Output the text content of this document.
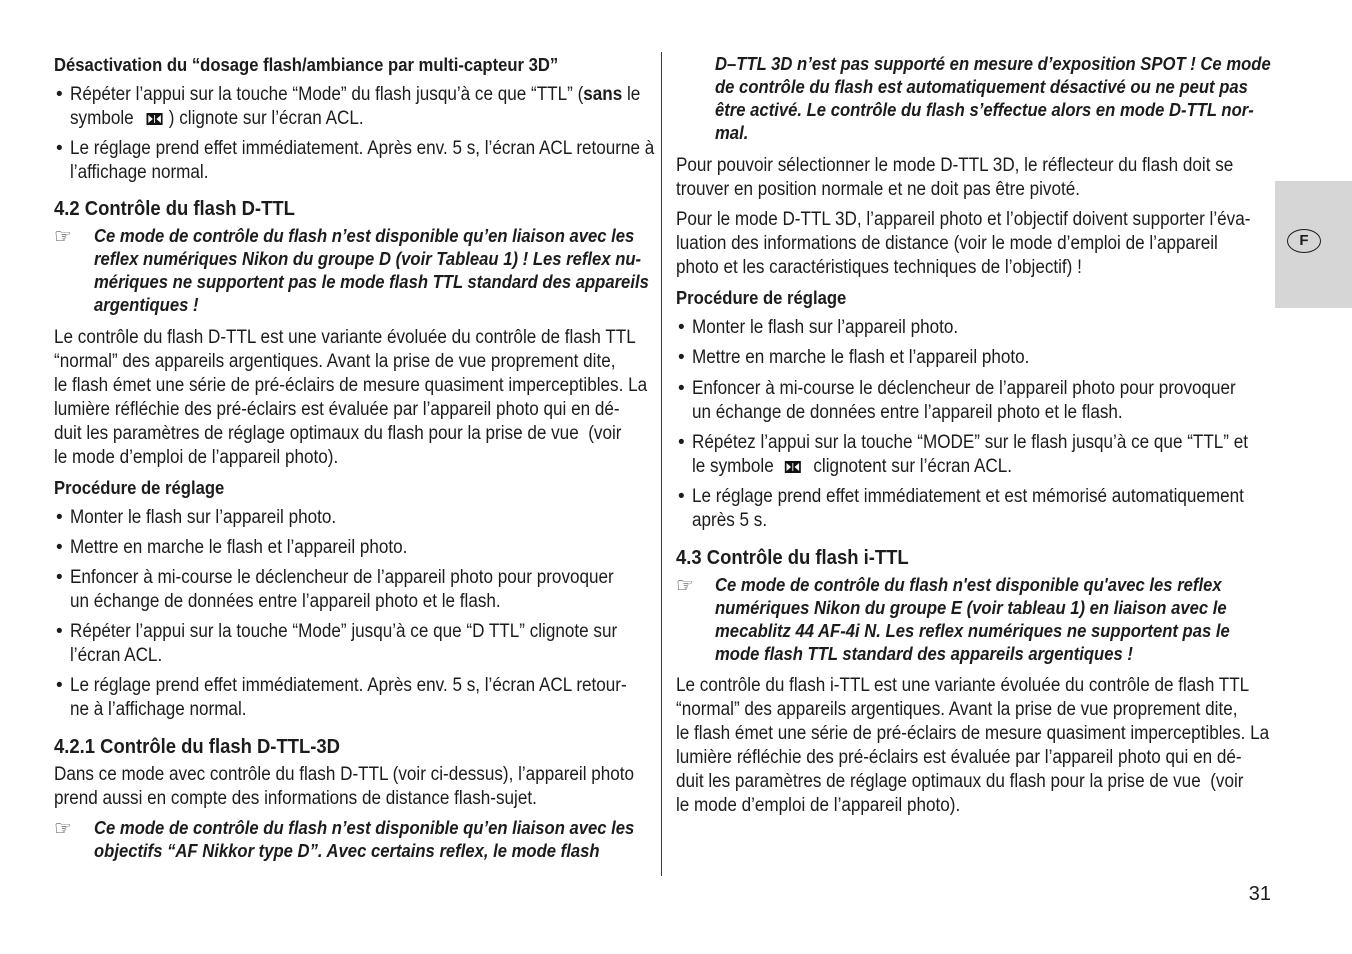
Désactivation du “dosage flash/ambiance par multi-capteur 3D”
• Répéter l’appui sur la touche “Mode” du flash jusqu’à ce que “TTL” (sans le
symbole ) clignote sur l’écran ACL.
• Le réglage prend effet immédiatement. Après env. 5 s, l’écran ACL retourne à
l’affichage normal.
4.2 Contrôle du flash D-TTL
☞
Ce mode de contrôle du flash n’est disponible qu’en liaison avec les
reflex numériques Nikon du groupe D (voir Tableau 1) ! Les reflex nu-
mériques ne supportent pas le mode flash TTL standard des appareils
argentiques !
Le contrôle du flash D-TTL est une variante évoluée du contrôle de flash TTL
“normal” des appareils argentiques. Avant la prise de vue proprement dite,
le flash émet une série de pré-éclairs de mesure quasiment imperceptibles. La
lumière réfléchie des pré-éclairs est évaluée par l’appareil photo qui en dé-
duit les paramètres de réglage optimaux du flash pour la prise de vue  (voir
le mode d’emploi de l’appareil photo).
Procédure de réglage
• Monter le flash sur l’appareil photo.
• Mettre en marche le flash et l’appareil photo.
• Enfoncer à mi-course le déclencheur de l’appareil photo pour provoquer
un échange de données entre l’appareil photo et le flash.
• Répéter l’appui sur la touche “Mode” jusqu’à ce que “D TTL” clignote sur
l’écran ACL.
• Le réglage prend effet immédiatement. Après env. 5 s, l’écran ACL retour-
ne à l’affichage normal.
4.2.1 Contrôle du flash D-TTL-3D
Dans ce mode avec contrôle du flash D-TTL (voir ci-dessus), l’appareil photo
prend aussi en compte des informations de distance flash-sujet.
☞
Ce mode de contrôle du flash n’est disponible qu’en liaison avec les
objectifs “AF Nikkor type D”. Avec certains reflex, le mode flash
D–TTL 3D n’est pas supporté en mesure d’exposition SPOT ! Ce mode
de contrôle du flash est automatiquement désactivé ou ne peut pas
être activé. Le contrôle du flash s’effectue alors en mode D-TTL nor-
mal.
Pour pouvoir sélectionner le mode D-TTL 3D, le réflecteur du flash doit se
trouver en position normale et ne doit pas être pivoté.
Pour le mode D-TTL 3D, l’appareil photo et l’objectif doivent supporter l’éva-
luation des informations de distance (voir le mode d’emploi de l’appareil
photo et les caractéristiques techniques de l’objectif) !
Procédure de réglage
• Monter le flash sur l’appareil photo.
• Mettre en marche le flash et l’appareil photo.
• Enfoncer à mi-course le déclencheur de l’appareil photo pour provoquer
un échange de données entre l’appareil photo et le flash.
• Répétez l’appui sur la touche “MODE” sur le flash jusqu’à ce que “TTL” et
le symbole clignotent sur l’écran ACL.
• Le réglage prend effet immédiatement et est mémorisé automatiquement
après 5 s.
4.3 Contrôle du flash i-TTL
☞
Ce mode de contrôle du flash n'est disponible qu'avec les reflex
numériques Nikon du groupe E (voir tableau 1) en liaison avec le
mecablitz 44 AF-4i N. Les reflex numériques ne supportent pas le
mode flash TTL standard des appareils argentiques !
Le contrôle du flash i-TTL est une variante évoluée du contrôle de flash TTL
“normal” des appareils argentiques. Avant la prise de vue proprement dite,
le flash émet une série de pré-éclairs de mesure quasiment imperceptibles. La
lumière réfléchie des pré-éclairs est évaluée par l’appareil photo qui en dé-
duit les paramètres de réglage optimaux du flash pour la prise de vue  (voir
le mode d’emploi de l’appareil photo).
F
31
